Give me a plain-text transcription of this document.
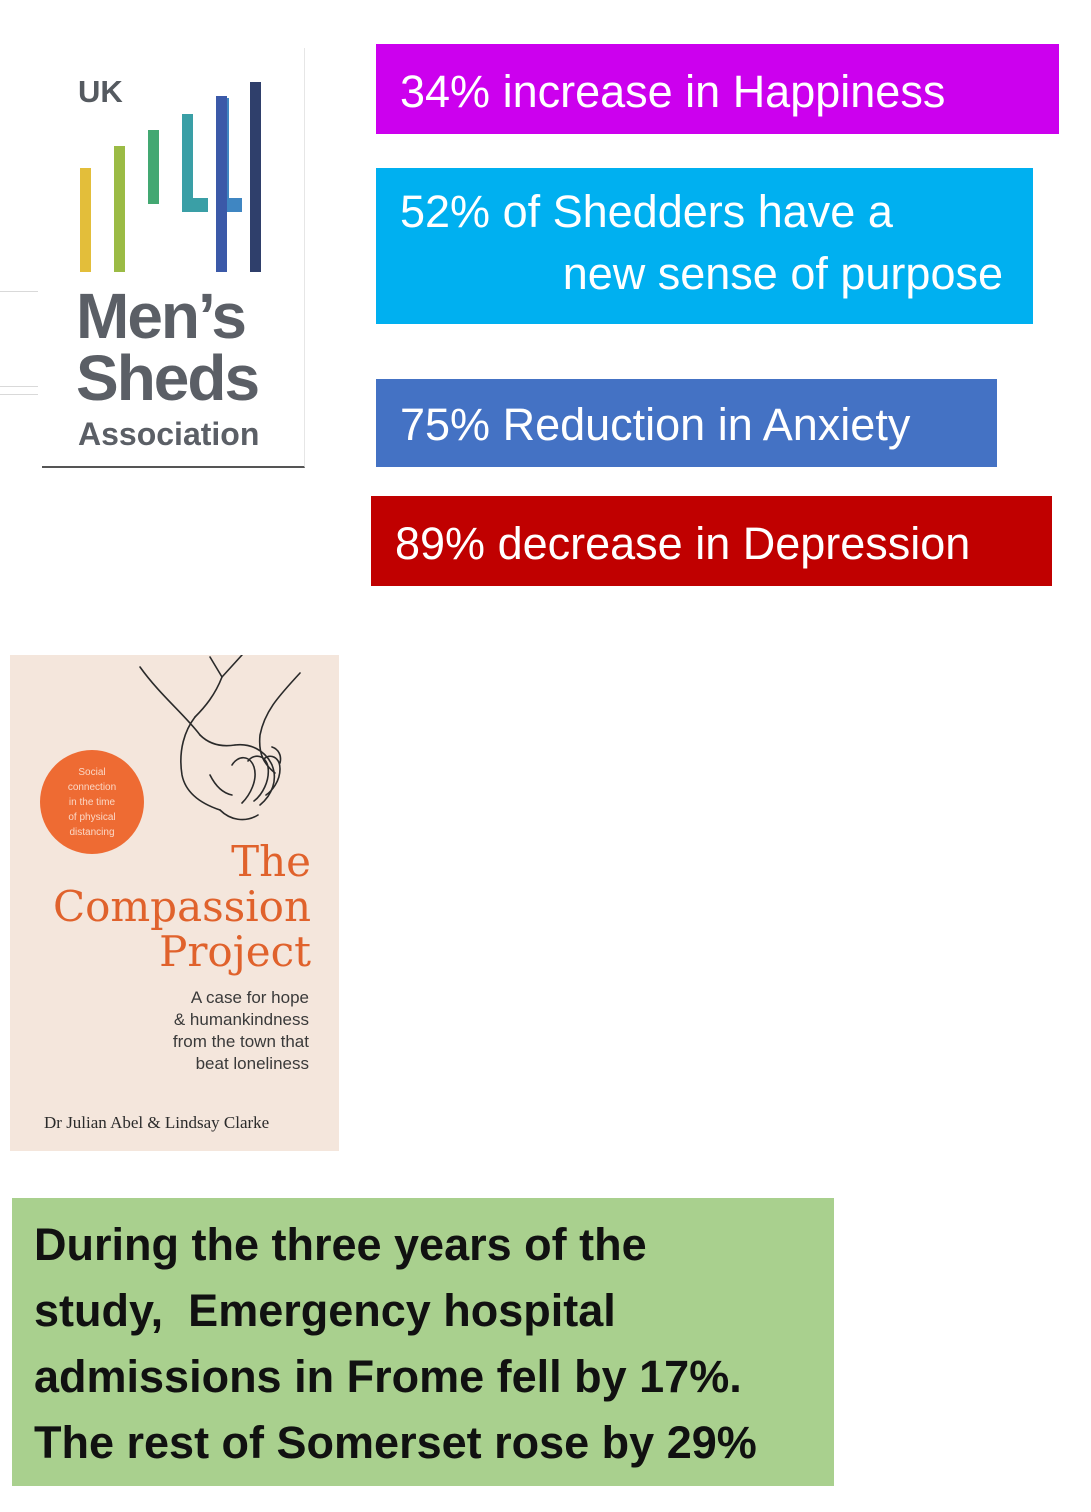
UK
Men’s
Sheds
Association
34% increase in Happiness
52% of Shedders have a
new sense of purpose
75% Reduction in Anxiety
89% decrease in Depression
Social
connection
in the time
of physical
distancing
The
Compassion
Project
A case for hope
& humankindness
from the town that
beat loneliness
Dr Julian Abel & Lindsay Clarke
During the three years of the
study,  Emergency hospital
admissions in Frome fell by 17%.
The rest of Somerset rose by 29%
